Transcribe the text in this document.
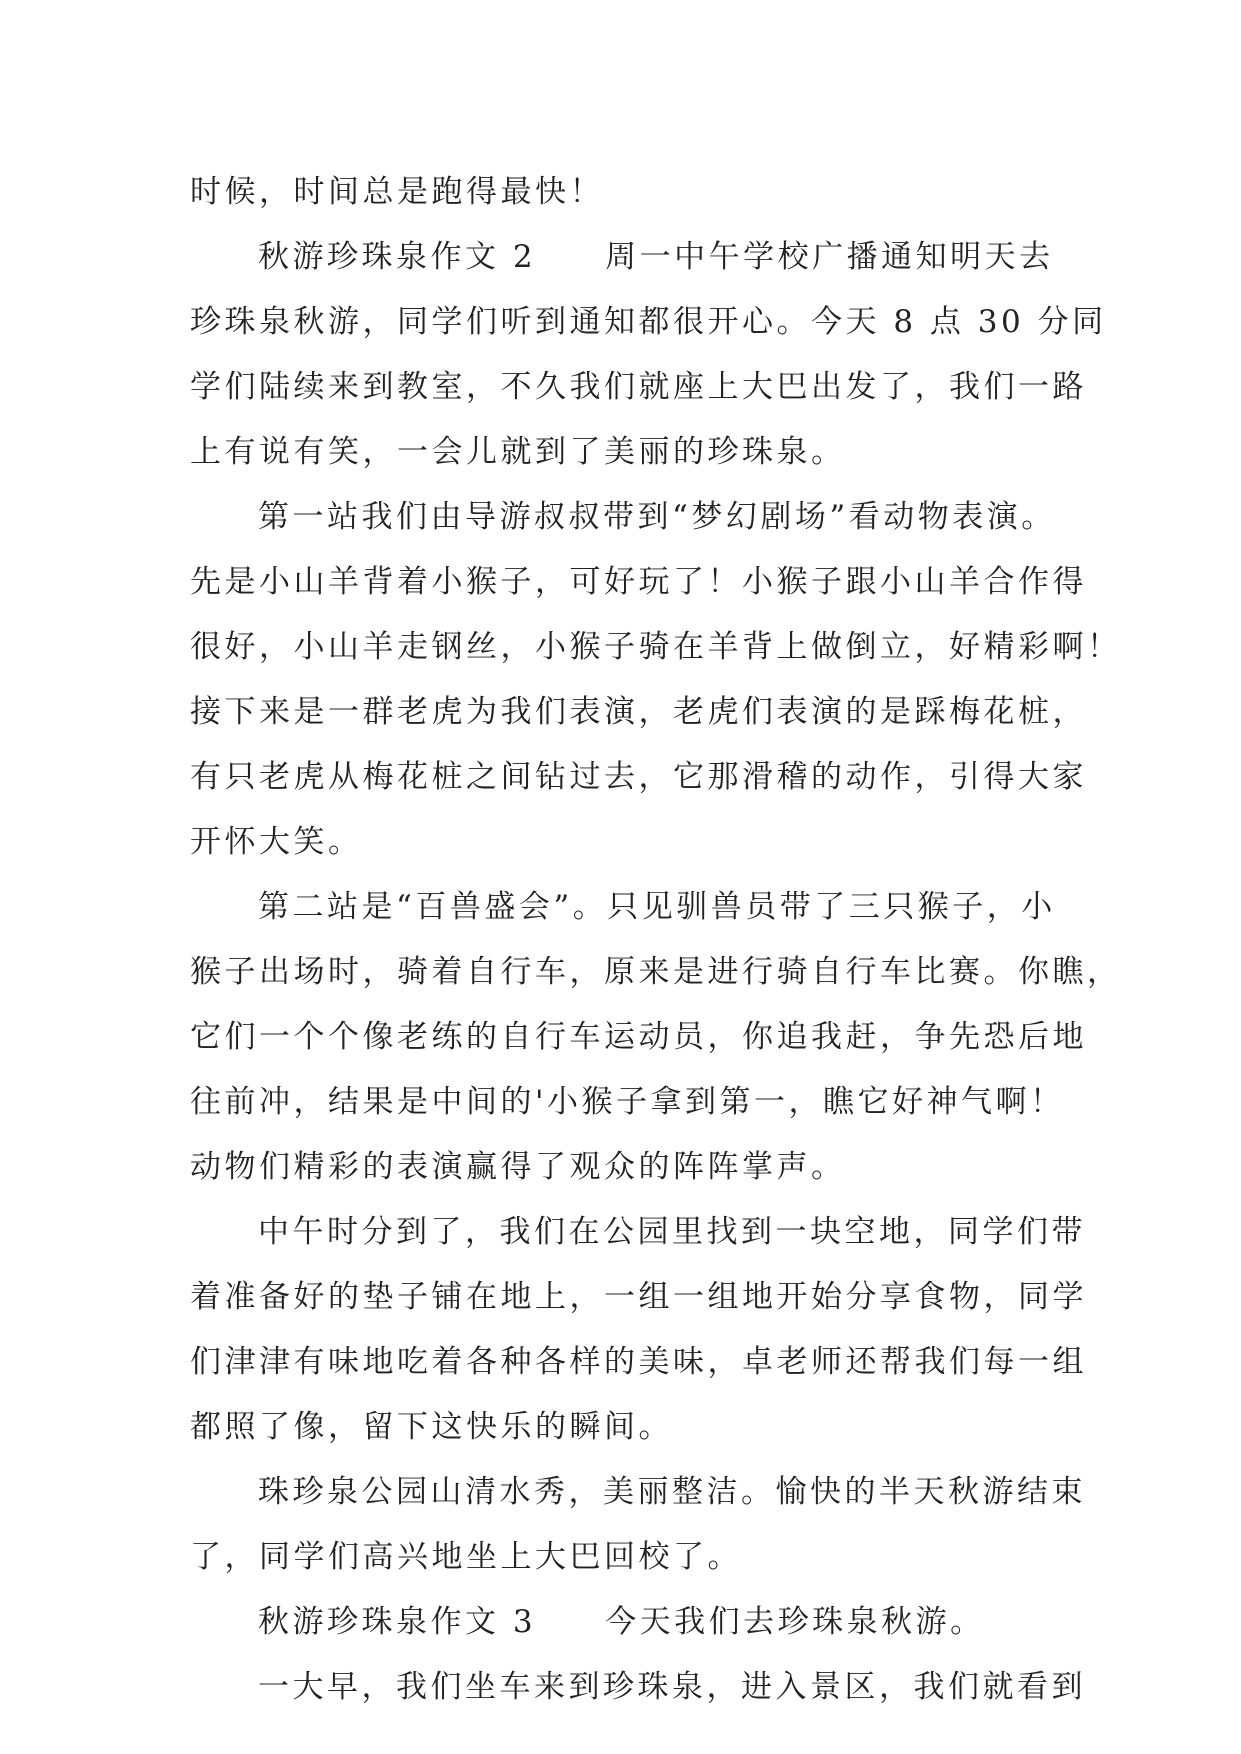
时候，时间总是跑得最快！
秋游珍珠泉作文 2　　周一中午学校广播通知明天去
珍珠泉秋游，同学们听到通知都很开心。今天 8 点 30 分同
学们陆续来到教室，不久我们就座上大巴出发了，我们一路
上有说有笑，一会儿就到了美丽的珍珠泉。
第一站我们由导游叔叔带到“梦幻剧场”看动物表演。
先是小山羊背着小猴子，可好玩了！小猴子跟小山羊合作得
很好，小山羊走钢丝，小猴子骑在羊背上做倒立，好精彩啊！
接下来是一群老虎为我们表演，老虎们表演的是踩梅花桩，
有只老虎从梅花桩之间钻过去，它那滑稽的动作，引得大家
开怀大笑。
第二站是“百兽盛会”。只见驯兽员带了三只猴子，小
猴子出场时，骑着自行车，原来是进行骑自行车比赛。你瞧，
它们一个个像老练的自行车运动员，你追我赶，争先恐后地
往前冲，结果是中间的'小猴子拿到第一，瞧它好神气啊！
动物们精彩的表演赢得了观众的阵阵掌声。
中午时分到了，我们在公园里找到一块空地，同学们带
着准备好的垫子铺在地上，一组一组地开始分享食物，同学
们津津有味地吃着各种各样的美味，卓老师还帮我们每一组
都照了像，留下这快乐的瞬间。
珠珍泉公园山清水秀，美丽整洁。愉快的半天秋游结束
了，同学们高兴地坐上大巴回校了。
秋游珍珠泉作文 3　　今天我们去珍珠泉秋游。
一大早，我们坐车来到珍珠泉，进入景区，我们就看到
